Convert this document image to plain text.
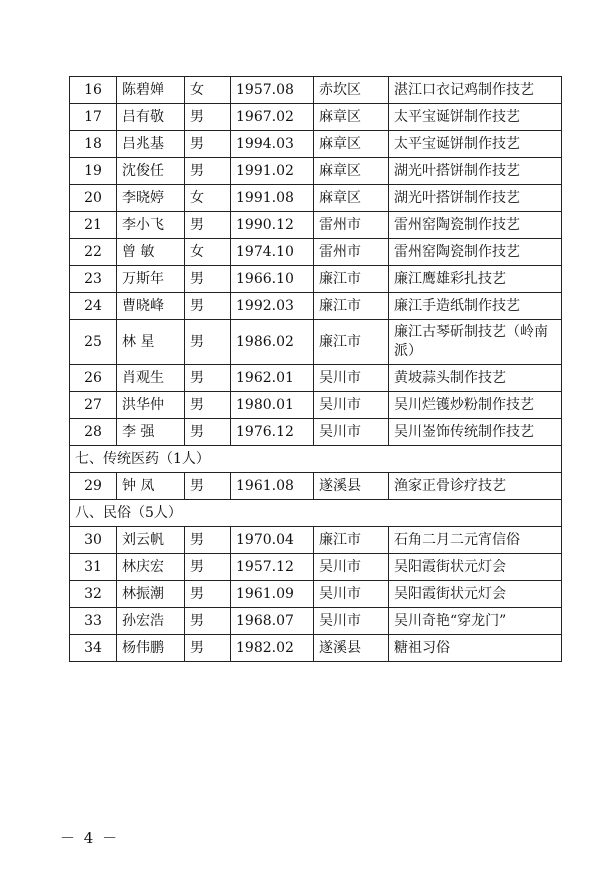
16	陈碧婵	女	1957.08	赤坎区	湛江口衣记鸡制作技艺
17	吕有敬	男	1967.02	麻章区	太平宝诞饼制作技艺
18	吕兆基	男	1994.03	麻章区	太平宝诞饼制作技艺
19	沈俊任	男	1991.02	麻章区	湖光叶搭饼制作技艺
20	李晓婷	女	1991.08	麻章区	湖光叶搭饼制作技艺
21	李小飞	男	1990.12	雷州市	雷州窑陶瓷制作技艺
22	曾 敏	女	1974.10	雷州市	雷州窑陶瓷制作技艺
23	万斯年	男	1966.10	廉江市	廉江鹰雄彩扎技艺
24	曹晓峰	男	1992.03	廉江市	廉江手造纸制作技艺
25	林 星	男	1986.02	廉江市	廉江古琴斫制技艺（岭南派）
26	肖观生	男	1962.01	吴川市	黄坡蒜头制作技艺
27	洪华仲	男	1980.01	吴川市	吴川烂镬炒粉制作技艺
28	李 强	男	1976.12	吴川市	吴川崟饰传统制作技艺
七、传统医药（1人）					
29	钟 凤	男	1961.08	遂溪县	渔家正骨诊疗技艺
八、民俗（5人）					
30	刘云帆	男	1970.04	廉江市	石角二月二元宵信俗
31	林庆宏	男	1957.12	吴川市	吴阳霞街状元灯会
32	林振潮	男	1961.09	吴川市	吴阳霞街状元灯会
33	孙宏浩	男	1968.07	吴川市	吴川奇艳“穿龙门”
34	杨伟鹏	男	1982.02	遂溪县	糖祖习俗
－ 4 －
